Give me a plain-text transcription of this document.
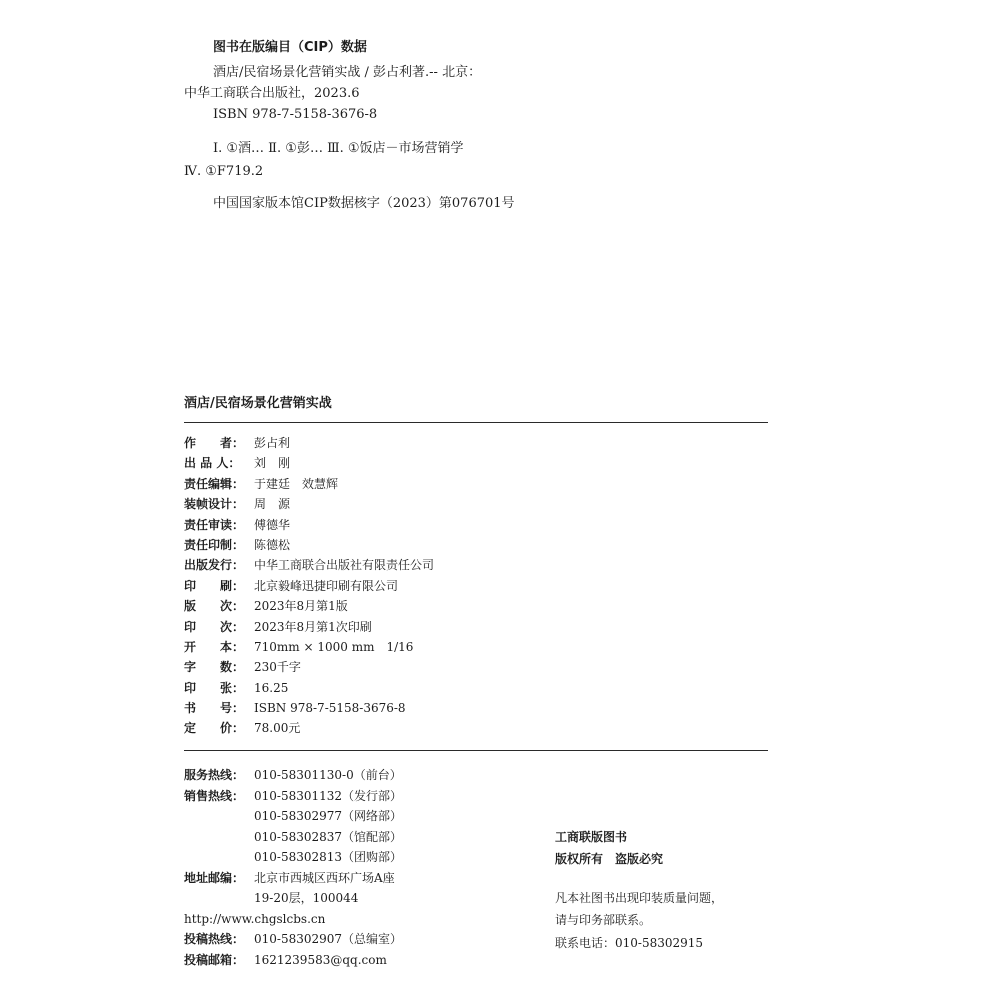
图书在版编目（CIP）数据
酒店/民宿场景化营销实战 / 彭占利著.-- 北京：
中华工商联合出版社，2023.6
ISBN 978-7-5158-3676-8
Ⅰ. ①酒… Ⅱ. ①彭… Ⅲ. ①饭店－市场营销学
Ⅳ. ①F719.2
中国国家版本馆CIP数据核字（2023）第076701号
酒店/民宿场景化营销实战
作　　者： 彭占利
出 品 人： 刘　刚
责任编辑： 于建廷　效慧辉
装帧设计： 周　源
责任审读： 傅德华
责任印制： 陈德松
出版发行： 中华工商联合出版社有限责任公司
印　　刷： 北京毅峰迅捷印刷有限公司
版　　次： 2023年8月第1版
印　　次： 2023年8月第1次印刷
开　　本： 710mm × 1000 mm　1/16
字　　数： 230千字
印　　张： 16.25
书　　号： ISBN 978-7-5158-3676-8
定　　价： 78.00元
服务热线： 010-58301130-0（前台）
销售热线： 010-58301132（发行部）
010-58302977（网络部）
010-58302837（馆配部）
010-58302813（团购部）
地址邮编： 北京市西城区西环广场A座
19-20层，100044
http://www.chgslcbs.cn
投稿热线： 010-58302907（总编室）
投稿邮箱： 1621239583@qq.com
工商联版图书
版权所有　盗版必究
凡本社图书出现印装质量问题，
请与印务部联系。
联系电话：010-58302915
